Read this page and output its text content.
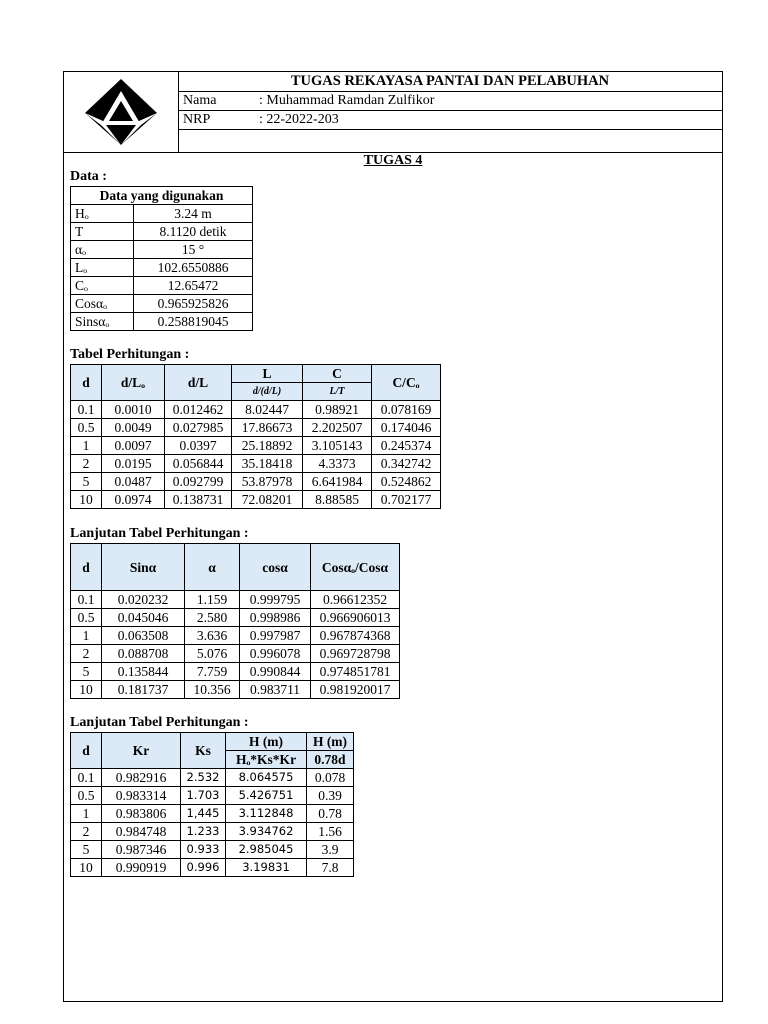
TUGAS REKAYASA PANTAI DAN PELABUHAN
Nama	: Muhammad Ramdan Zulfikor
NRP	: 22-2022-203
TUGAS 4
Data :
Data yang digunakan	
Hₒ	3.24 m
T	8.1120 detik
αₒ	15 °
Lₒ	102.6550886
Cₒ	12.65472
Cosαₒ	0.965925826
Sinsαₒ	0.258819045
Tabel Perhitungan :
d	d/Lₒ	d/L	L	C	C/Cₒ
			d/(d/L)	L/T	
0.1	0.0010	0.012462	8.02447	0.98921	0.078169
0.5	0.0049	0.027985	17.86673	2.202507	0.174046
1	0.0097	0.0397	25.18892	3.105143	0.245374
2	0.0195	0.056844	35.18418	4.3373	0.342742
5	0.0487	0.092799	53.87978	6.641984	0.524862
10	0.0974	0.138731	72.08201	8.88585	0.702177
Lanjutan Tabel Perhitungan :
d	Sinα	α	cosα	Cosαₒ/Cosα
0.1	0.020232	1.159	0.999795	0.96612352
0.5	0.045046	2.580	0.998986	0.966906013
1	0.063508	3.636	0.997987	0.967874368
2	0.088708	5.076	0.996078	0.969728798
5	0.135844	7.759	0.990844	0.974851781
10	0.181737	10.356	0.983711	0.981920017
Lanjutan Tabel Perhitungan :
d	Kr	Ks	H (m)	H (m)
			Hₒ*Ks*Kr	0.78d
0.1	0.982916	2.532	8.064575	0.078
0.5	0.983314	1.703	5.426751	0.39
1	0.983806	1,445	3.112848	0.78
2	0.984748	1.233	3.934762	1.56
5	0.987346	0.933	2.985045	3.9
10	0.990919	0.996	3.19831	7.8
